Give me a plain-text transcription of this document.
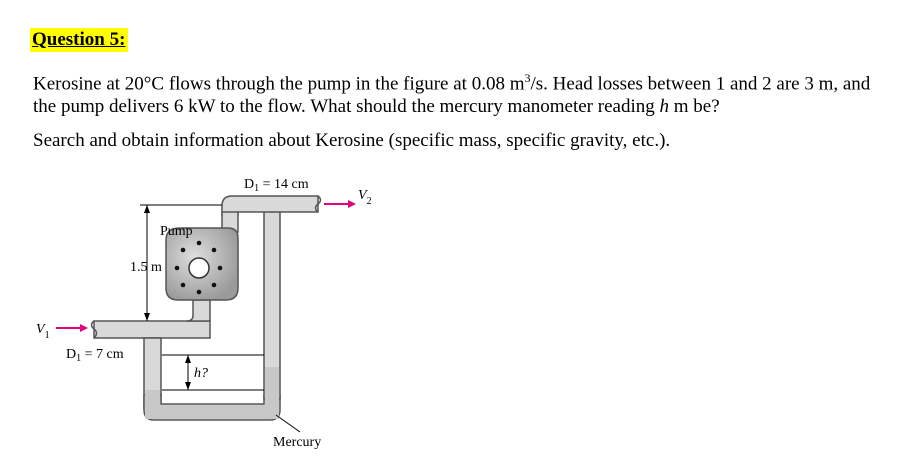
Question 5:
Kerosine at 20°C flows through the pump in the figure at 0.08 $m^3/s$. Head losses between 1 and 2 are 3 m, and
the pump delivers 6 kW to the flow. What should the mercury manometer reading h m be?
Search and obtain information about Kerosine (specific mass, specific gravity, etc.).
1.5 m
h?
Mercury
$D_1 = 14$ cm
$V_2$
$V_1$
$D_1 = 7$ cm
Pump
